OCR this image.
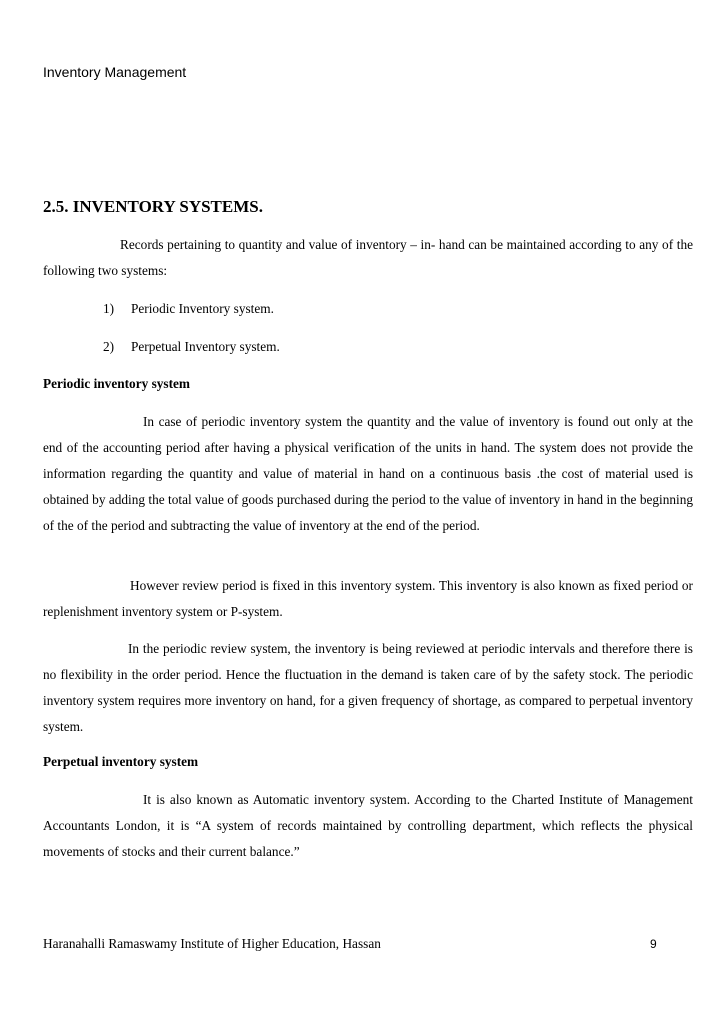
Inventory Management
2.5. INVENTORY SYSTEMS.

Records pertaining to quantity and value of inventory – in- hand can be maintained according to any of the following two systems:

1) Periodic Inventory system.
2) Perpetual Inventory system.
Periodic inventory system

In case of periodic inventory system the quantity and the value of inventory is found out only at the end of the accounting period after having a physical verification of the units in hand. The system does not provide the information regarding the quantity and value of material in hand on a continuous basis .the cost of material used is obtained by adding the total value of goods purchased during the period to the value of inventory in hand in the beginning of the of the period and subtracting the value of inventory at the end of the period.

However review period is fixed in this inventory system. This inventory is also known as fixed period or replenishment inventory system or P-system.

In the periodic review system, the inventory is being reviewed at periodic intervals and therefore there is no flexibility in the order period. Hence the fluctuation in the demand is taken care of by the safety stock. The periodic inventory system requires more inventory on hand, for a given frequency of shortage, as compared to perpetual inventory system.

Perpetual inventory system

It is also known as Automatic inventory system. According to the Charted Institute of Management Accountants London, it is “A system of records maintained by controlling department, which reflects the physical movements of stocks and their current balance.”

Haranahalli Ramaswamy Institute of Higher Education, Hassan	9
